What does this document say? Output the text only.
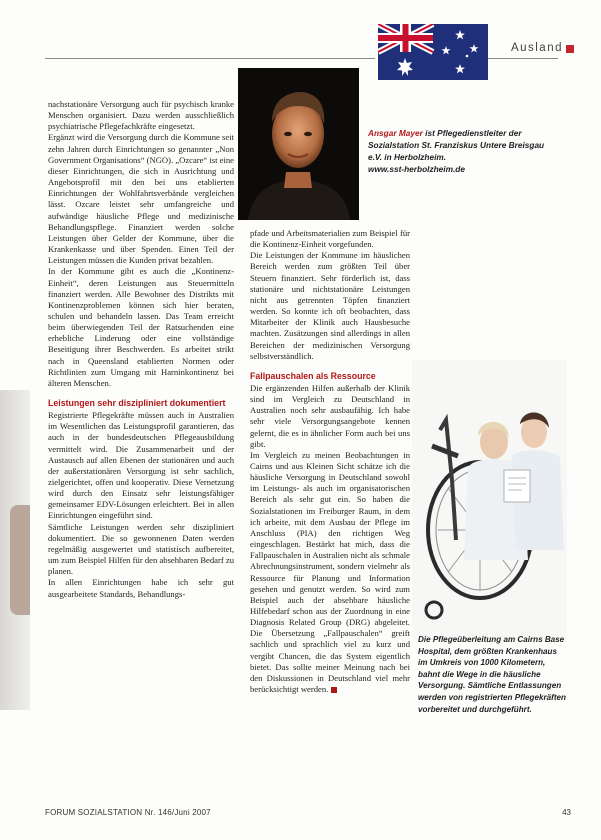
Ausland
Ansgar Mayer ist Pflegedienstleiter der Sozialstation St. Franziskus Untere Breisgau e.V. in Herbolzheim.
www.sst-herbolzheim.de

nachstationäre Versorgung auch für psychisch kranke Menschen organisiert. Dazu werden ausschließlich psychiatrische Pflegefachkräfte eingesetzt.

Ergänzt wird die Versorgung durch die Kommune seit zehn Jahren durch Einrichtungen so genannter „Non Government Organisations“ (NGO). „Ozcare“ ist eine dieser Einrichtungen, die sich in Ausrichtung und Angebotsprofil mit den bei uns etablierten Einrichtungen der Wohlfahrtsverbände vergleichen lässt. Ozcare leistet sehr umfangreiche und aufwändige häusliche Pflege und medizinische Behandlungspflege. Finanziert werden solche Leistungen über Gelder der Kommune, über die Krankenkasse und über Spenden. Einen Teil der Leistungen müssen die Kunden privat bezahlen.

In der Kommune gibt es auch die „Kontinenz-Einheit“, deren Leistungen aus Steuermitteln finanziert werden. Alle Bewohner des Distrikts mit Kontinenzproblemen können sich hier beraten, schulen und behandeln lassen. Das Team erreicht beim überwiegenden Teil der Ratsuchenden eine erhebliche Linderung oder eine vollständige Beseitigung ihrer Beschwerden. Es arbeitet strikt nach in Queensland etablierten Normen oder Richtlinien zum Umgang mit Harninkontinenz bei älteren Menschen.

Leistungen sehr diszipliniert dokumentiert

Registrierte Pflegekräfte müssen auch in Australien im Wesentlichen das Leistungsprofil garantieren, das auch in der bundesdeutschen Pflegeausbildung vermittelt wird. Die Zusammenarbeit und der Austausch auf allen Ebenen der stationären und auch der außerstationären Versorgung ist sehr sachlich, zielgerichtet, offen und kooperativ. Diese Vernetzung wird durch den Einsatz sehr leistungsfähiger gemeinsamer EDV-Lösungen erleichtert. Bei in allen Einrichtungen eingeführt sind.

Sämtliche Leistungen werden sehr diszipliniert dokumentiert. Die so gewonnenen Daten werden regelmäßig ausgewertet und statistisch aufbereitet, um zum Beispiel Hilfen für den absehbaren Bedarf zu planen.

In allen Einrichtungen habe ich sehr gut ausgearbeitete Standards, Behandlungs-

pfade und Arbeitsmaterialien zum Beispiel für die Kontinenz-Einheit vorgefunden.

Die Leistungen der Kommune im häuslichen Bereich werden zum größten Teil über Steuern finanziert. Sehr förderlich ist, dass stationäre und nichtstationäre Leistungen nicht aus getrennten Töpfen finanziert werden. So konnte ich oft beobachten, dass Mitarbeiter der Klinik auch Hausbesuche machten. Zusätzungen sind allerdings in allen Bereichen der medizinischen Versorgung selbstverständlich.

Fallpauschalen als Ressource

Die ergänzenden Hilfen außerhalb der Klinik sind im Vergleich zu Deutschland in Australien noch sehr ausbaufähig. Ich habe sehr viele Versorgungsangebote kennen gelernt, die es in ähnlicher Form auch bei uns gibt.

Im Vergleich zu meinen Beobachtungen in Cairns und aus Kleinen Sicht schätze ich die häusliche Versorgung in Deutschland sowohl im Leistungs- als auch im organisatorischen Bereich als sehr gut ein. So haben die Sozialstationen im Freiburger Raum, in dem ich arbeite, mit dem Ausbau der Pflege im Anschluss (PIA) den richtigen Weg eingeschlagen. Bestärkt hat mich, dass die Fallpauschalen in Australien nicht als schmale Abrechnungsinstrument, sondern vielmehr als Ressource für Planung und Information gesehen und genutzt werden. So wird zum Beispiel auch der absehbare häusliche Hilfebedarf schon aus der Zuordnung in eine Diagnosis Related Group (DRG) abgeleitet. Die Übersetzung „Fallpauschalen“ greift sachlich und sprachlich viel zu kurz und vergibt Chancen, die das System eigentlich bietet. Das sollte meiner Meinung nach bei den Diskussionen in Deutschland viel mehr berücksichtigt werden.

Die Pflegeüberleitung am Cairns Base Hospital, dem größten Krankenhaus im Umkreis von 1000 Kilometern, bahnt die Wege in die häusliche Versorgung. Sämtliche Entlassungen werden von registrierten Pflegekräften vorbereitet und durchgeführt.
FORUM SOZIALSTATION Nr. 146/Juni 2007	43
